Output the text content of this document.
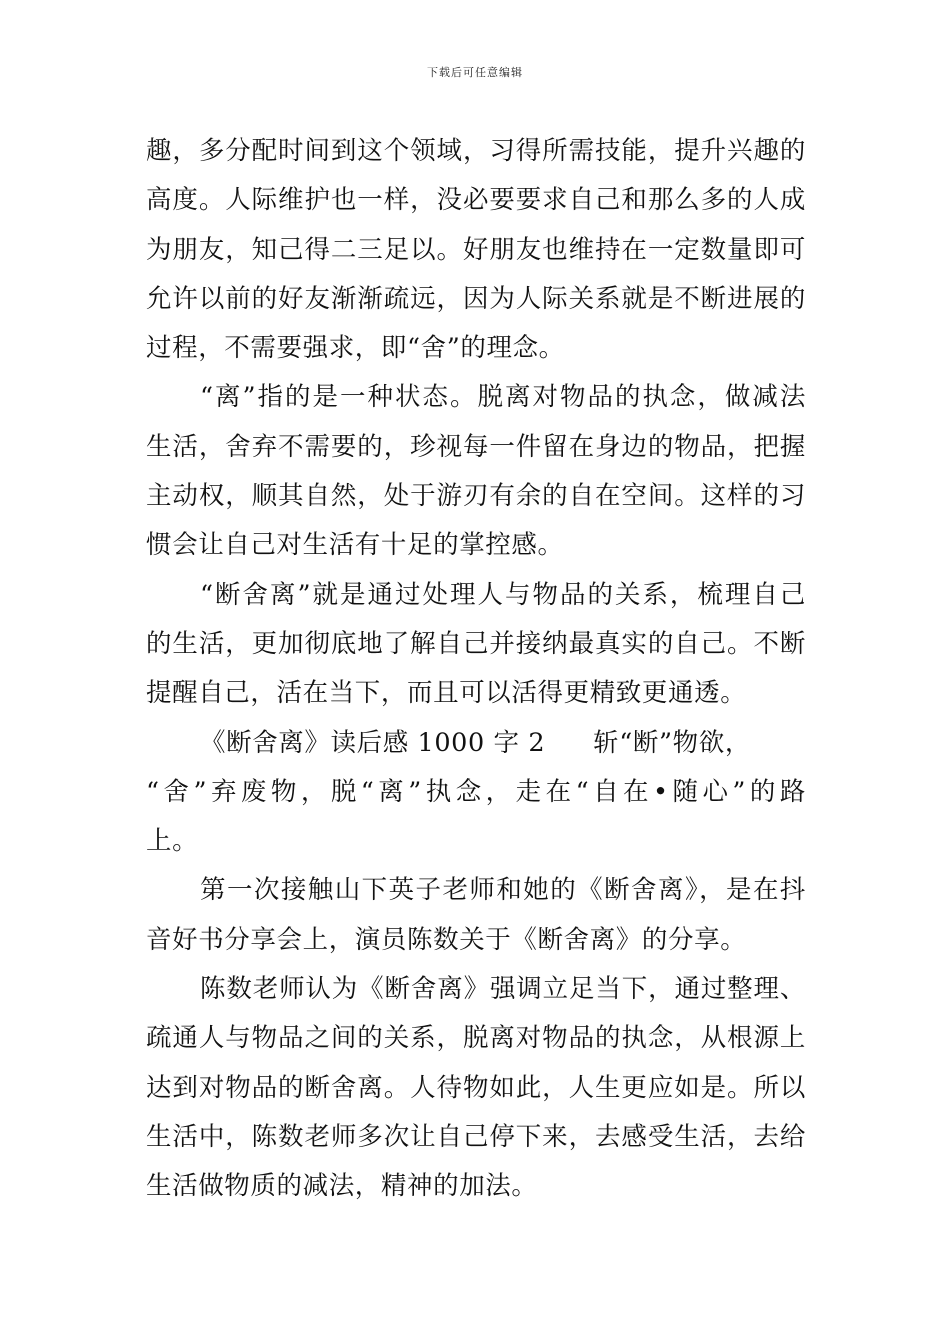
下载后可任意编辑
趣，多分配时间到这个领域，习得所需技能，提升兴趣的
高度。人际维护也一样，没必要要求自己和那么多的人成
为朋友，知己得二三足以。好朋友也维持在一定数量即可
允许以前的好友渐渐疏远，因为人际关系就是不断进展的
过程，不需要强求，即“舍”的理念。
“离”指的是一种状态。脱离对物品的执念，做减法
生活，舍弃不需要的，珍视每一件留在身边的物品，把握
主动权，顺其自然，处于游刃有余的自在空间。这样的习
惯会让自己对生活有十足的掌控感。
“断舍离”就是通过处理人与物品的关系，梳理自己
的生活，更加彻底地了解自己并接纳最真实的自己。不断
提醒自己，活在当下，而且可以活得更精致更通透。
《断舍离》读后感 1000 字 2 斩“断”物欲，
“舍”弃废物，脱“离”执念，走在“自在•随心”的路
上。
第一次接触山下英子老师和她的《断舍离》，是在抖
音好书分享会上，演员陈数关于《断舍离》的分享。
陈数老师认为《断舍离》强调立足当下，通过整理、
疏通人与物品之间的关系，脱离对物品的执念，从根源上
达到对物品的断舍离。人待物如此，人生更应如是。所以
生活中，陈数老师多次让自己停下来，去感受生活，去给
生活做物质的减法，精神的加法。
